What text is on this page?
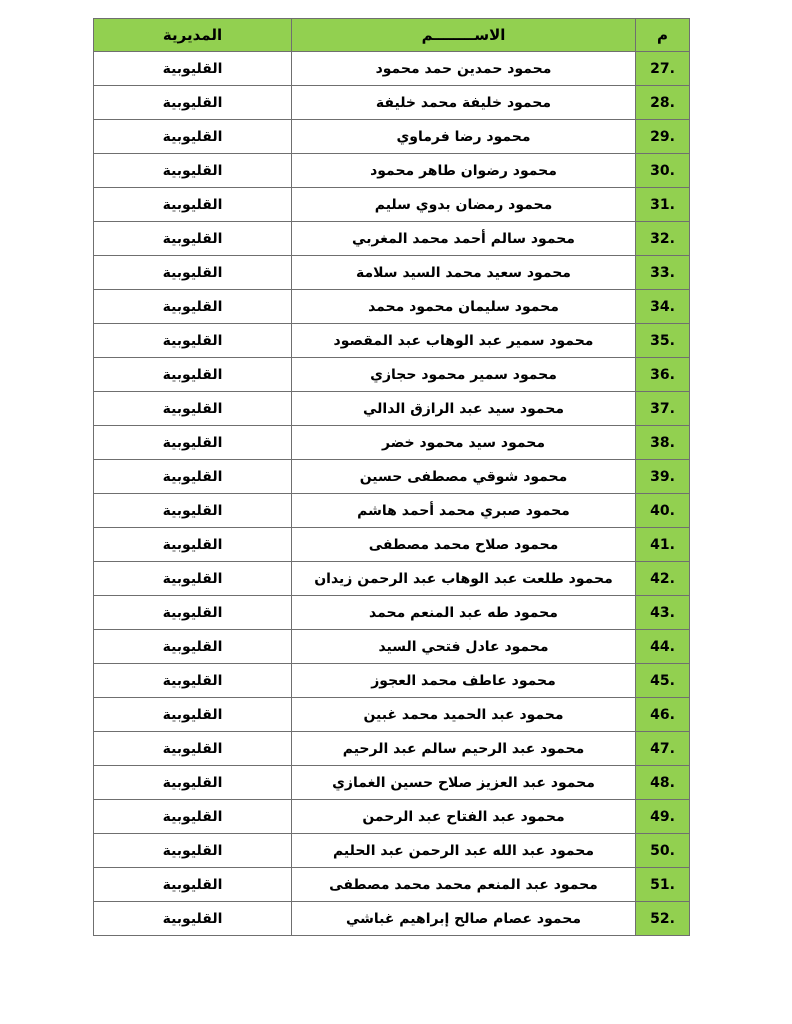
المديرية	الاســــــــم	م
القليوبية	محمود حمدين حمد محمود	27.
القليوبية	محمود خليفة محمد خليفة	28.
القليوبية	محمود رضا فرماوي	29.
القليوبية	محمود رضوان طاهر محمود	30.
القليوبية	محمود رمضان بدوي سليم	31.
القليوبية	محمود سالم أحمد محمد المغربي	32.
القليوبية	محمود سعيد محمد السيد سلامة	33.
القليوبية	محمود سليمان محمود محمد	34.
القليوبية	محمود سمير عبد الوهاب عبد المقصود	35.
القليوبية	محمود سمير محمود حجازي	36.
القليوبية	محمود سيد عبد الرازق الدالي	37.
القليوبية	محمود سيد محمود خضر	38.
القليوبية	محمود شوقي مصطفى حسين	39.
القليوبية	محمود صبري محمد أحمد هاشم	40.
القليوبية	محمود صلاح محمد مصطفى	41.
القليوبية	محمود طلعت عبد الوهاب عبد الرحمن زيدان	42.
القليوبية	محمود طه عبد المنعم محمد	43.
القليوبية	محمود عادل فتحي السيد	44.
القليوبية	محمود عاطف محمد العجوز	45.
القليوبية	محمود عبد الحميد محمد غبين	46.
القليوبية	محمود عبد الرحيم سالم عبد الرحيم	47.
القليوبية	محمود عبد العزيز صلاح حسين الغمازي	48.
القليوبية	محمود عبد الفتاح عبد الرحمن	49.
القليوبية	محمود عبد الله عبد الرحمن عبد الحليم	50.
القليوبية	محمود عبد المنعم محمد محمد مصطفى	51.
القليوبية	محمود عصام صالح إبراهيم غباشي	52.
